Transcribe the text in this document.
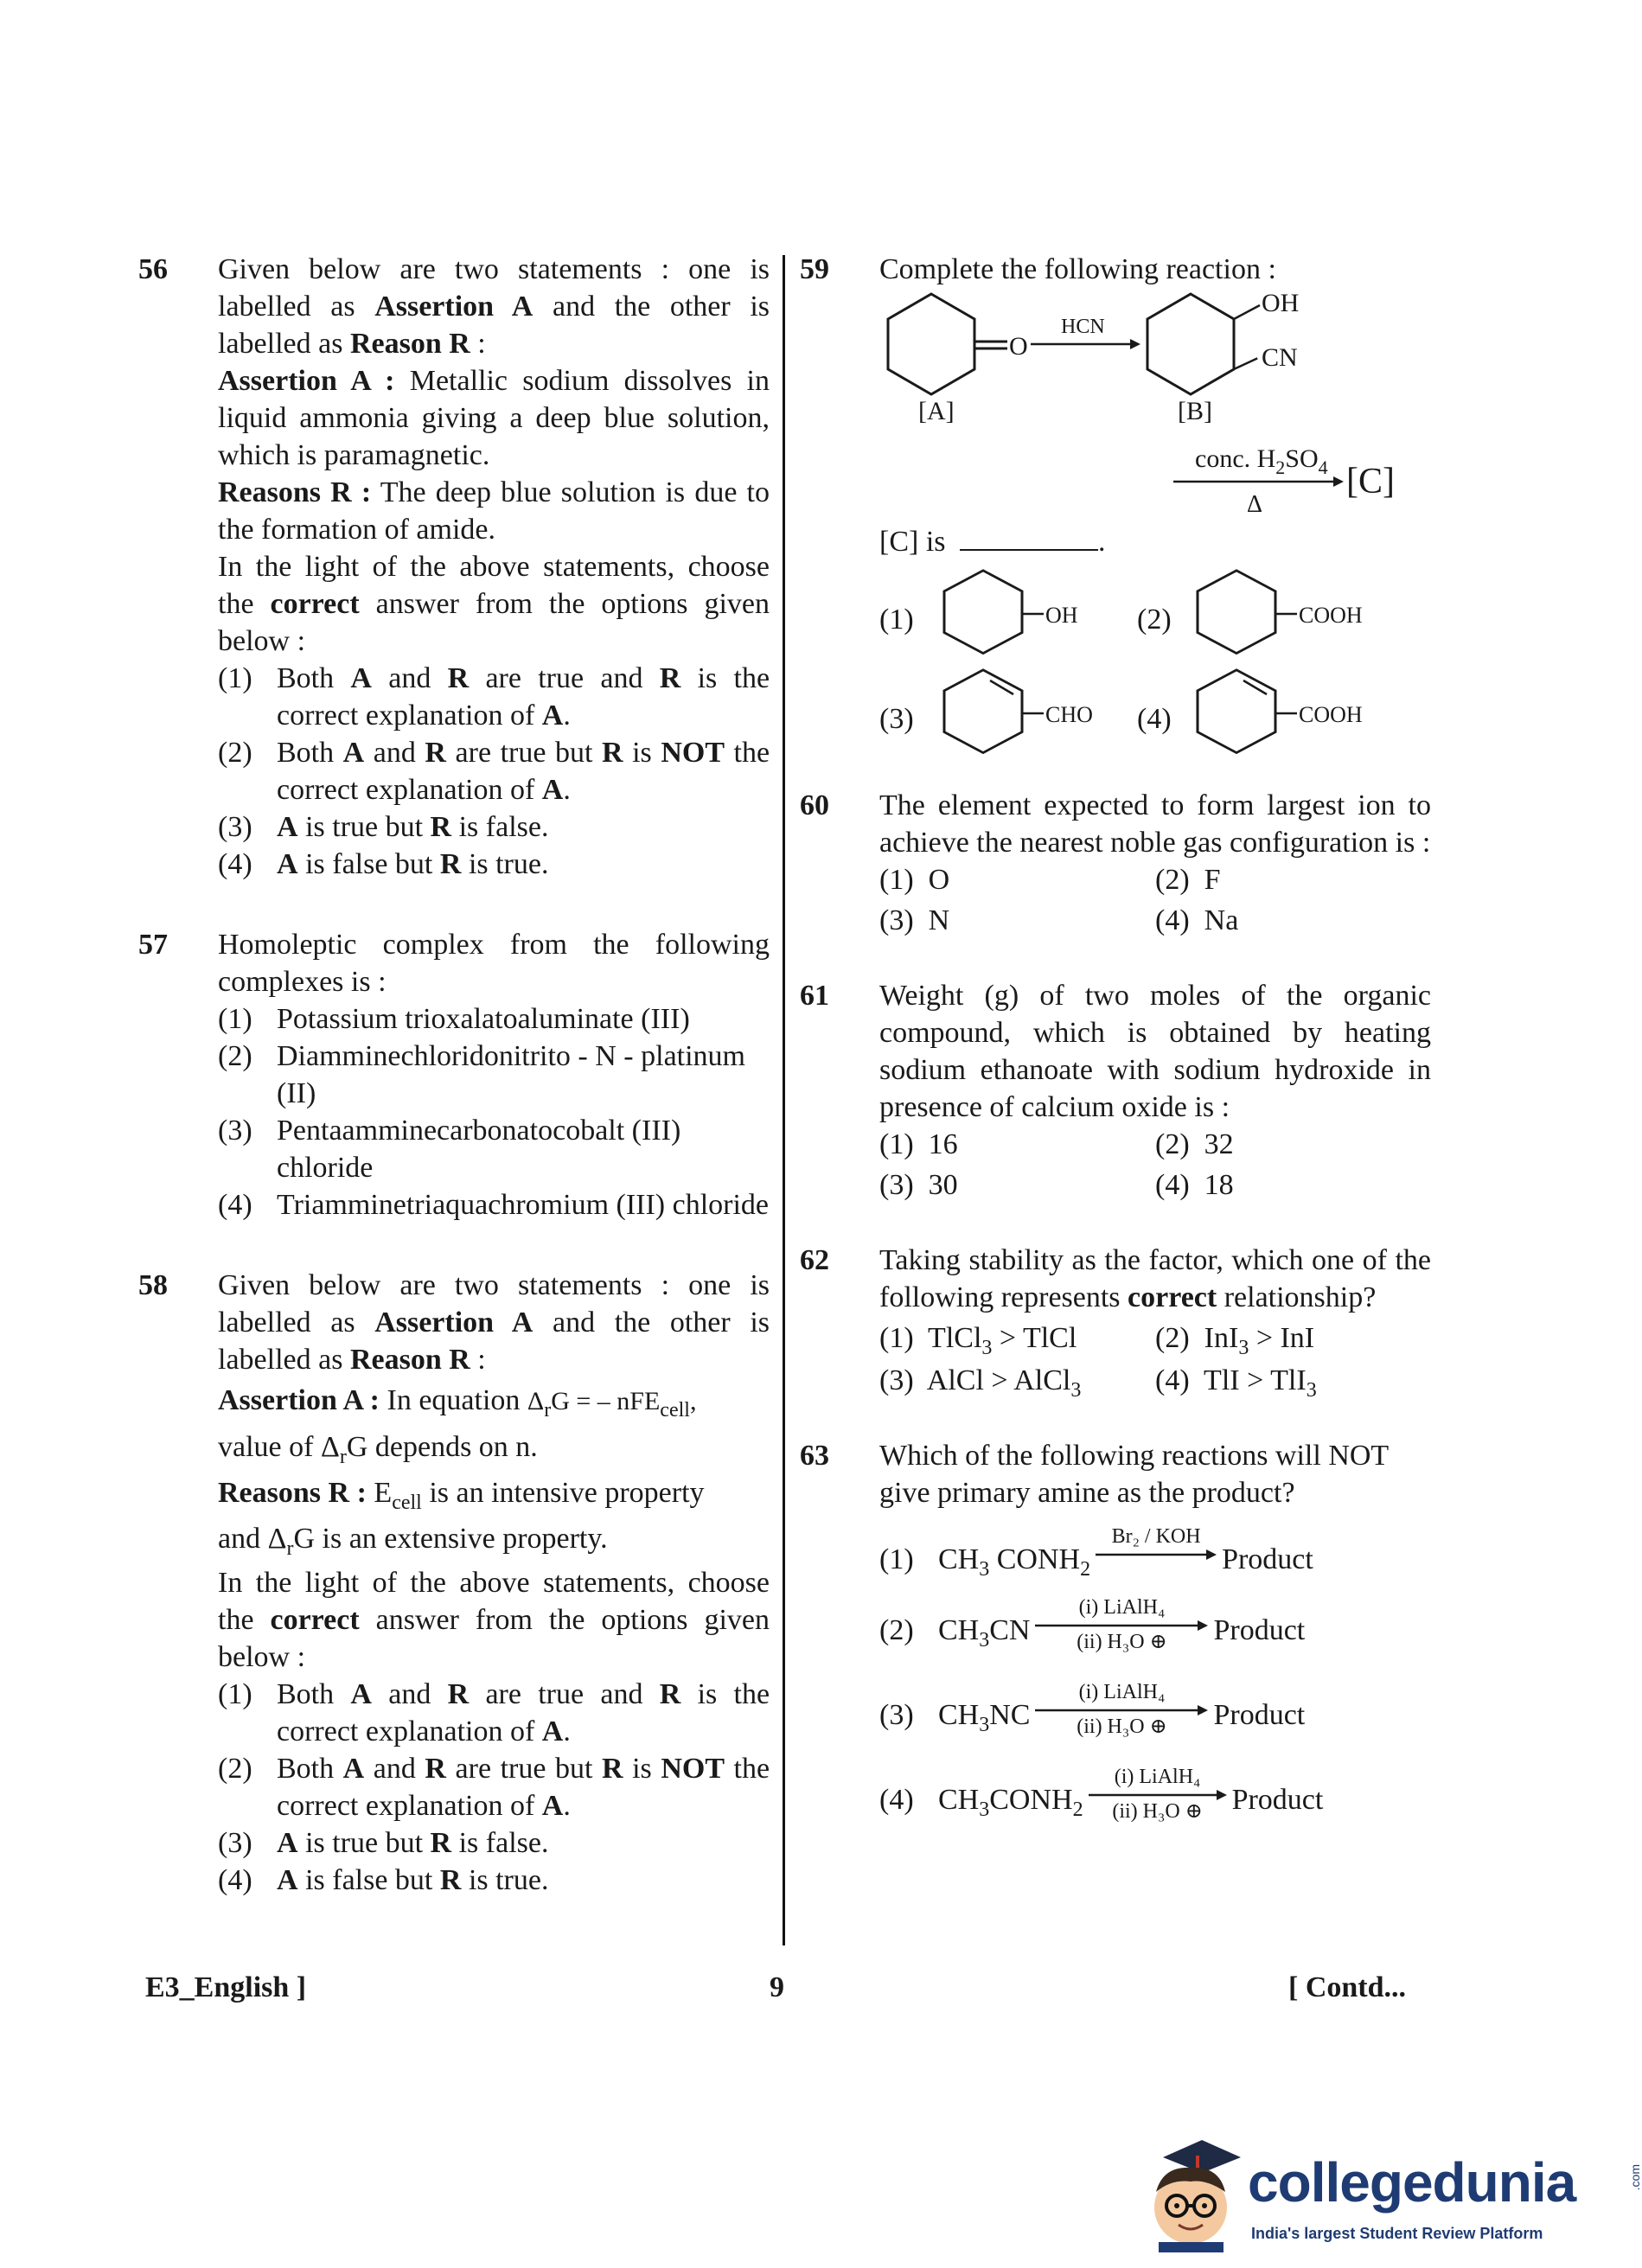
56 Given below are two statements : one is labelled as Assertion A and the other is labelled as Reason R :
Assertion A : Metallic sodium dissolves in liquid ammonia giving a deep blue solution, which is paramagnetic.
Reasons R : The deep blue solution is due to the formation of amide.
In the light of the above statements, choose the correct answer from the options given below :
(1) Both A and R are true and R is the correct explanation of A.
(2) Both A and R are true but R is NOT the correct explanation of A.
(3) A is true but R is false.
(4) A is false but R is true.
57 Homoleptic complex from the following complexes is :
(1) Potassium trioxalatoaluminate (III)
(2) Diamminechloridonitrito - N - platinum (II)
(3) Pentaamminecarbonatocobalt (III) chloride
(4) Triamminetriaquachromium (III) chloride
58 Given below are two statements : one is labelled as Assertion A and the other is labelled as Reason R :
Assertion A : In equation $\Delta_rG$ = – nFE$_{cell}$,
value of $\Delta_rG$ depends on n.
Reasons R : $E_{cell}$ is an intensive property
and $\Delta_rG$ is an extensive property.
In the light of the above statements, choose the correct answer from the options given below :
(1) Both A and R are true and R is the correct explanation of A.
(2) Both A and R are true but R is NOT the correct explanation of A.
(3) A is true but R is false.
(4) A is false but R is true.
59 Complete the following reaction :
O
HCN
OH
CN
[A]	[B]
conc. $H_2SO_4$
Δ
[C]
[C] is	.
(1)	OH (2)	COOH
(3)	CHO (4)	COOH
60 The element expected to form largest ion to achieve the nearest noble gas configuration is :
(1) O	(2) F
(3) N	(4) Na
61 Weight (g) of two moles of the organic compound, which is obtained by heating sodium ethanoate with sodium hydroxide in presence of calcium oxide is :
(1) 16	(2) 32
(3) 30	(4) 18
62 Taking stability as the factor, which one of the following represents correct relationship?
(1) TlCl$_3$ > TlCl	(2) InI$_3$ > InI
(3) AlCl > AlCl$_3$	(4) TlI > TlI$_3$
63 Which of the following reactions will NOT give primary amine as the product?
(1) $CH_3$ $CONH_2$
Br₂ / KOH
Product
(2) $CH_3CN$
(i) LiAlH₄
(ii) H₃O ⊕	Product
(3) $CH_3NC$
(i) LiAlH₄
(ii) H₃O ⊕	Product
(4) $CH_3CONH_2$
(i) LiAlH₄
(ii) H₃O ⊕ Product
E3_English ]	9	[ Contd...
collegedunia	.com
India's largest Student Review Platform
